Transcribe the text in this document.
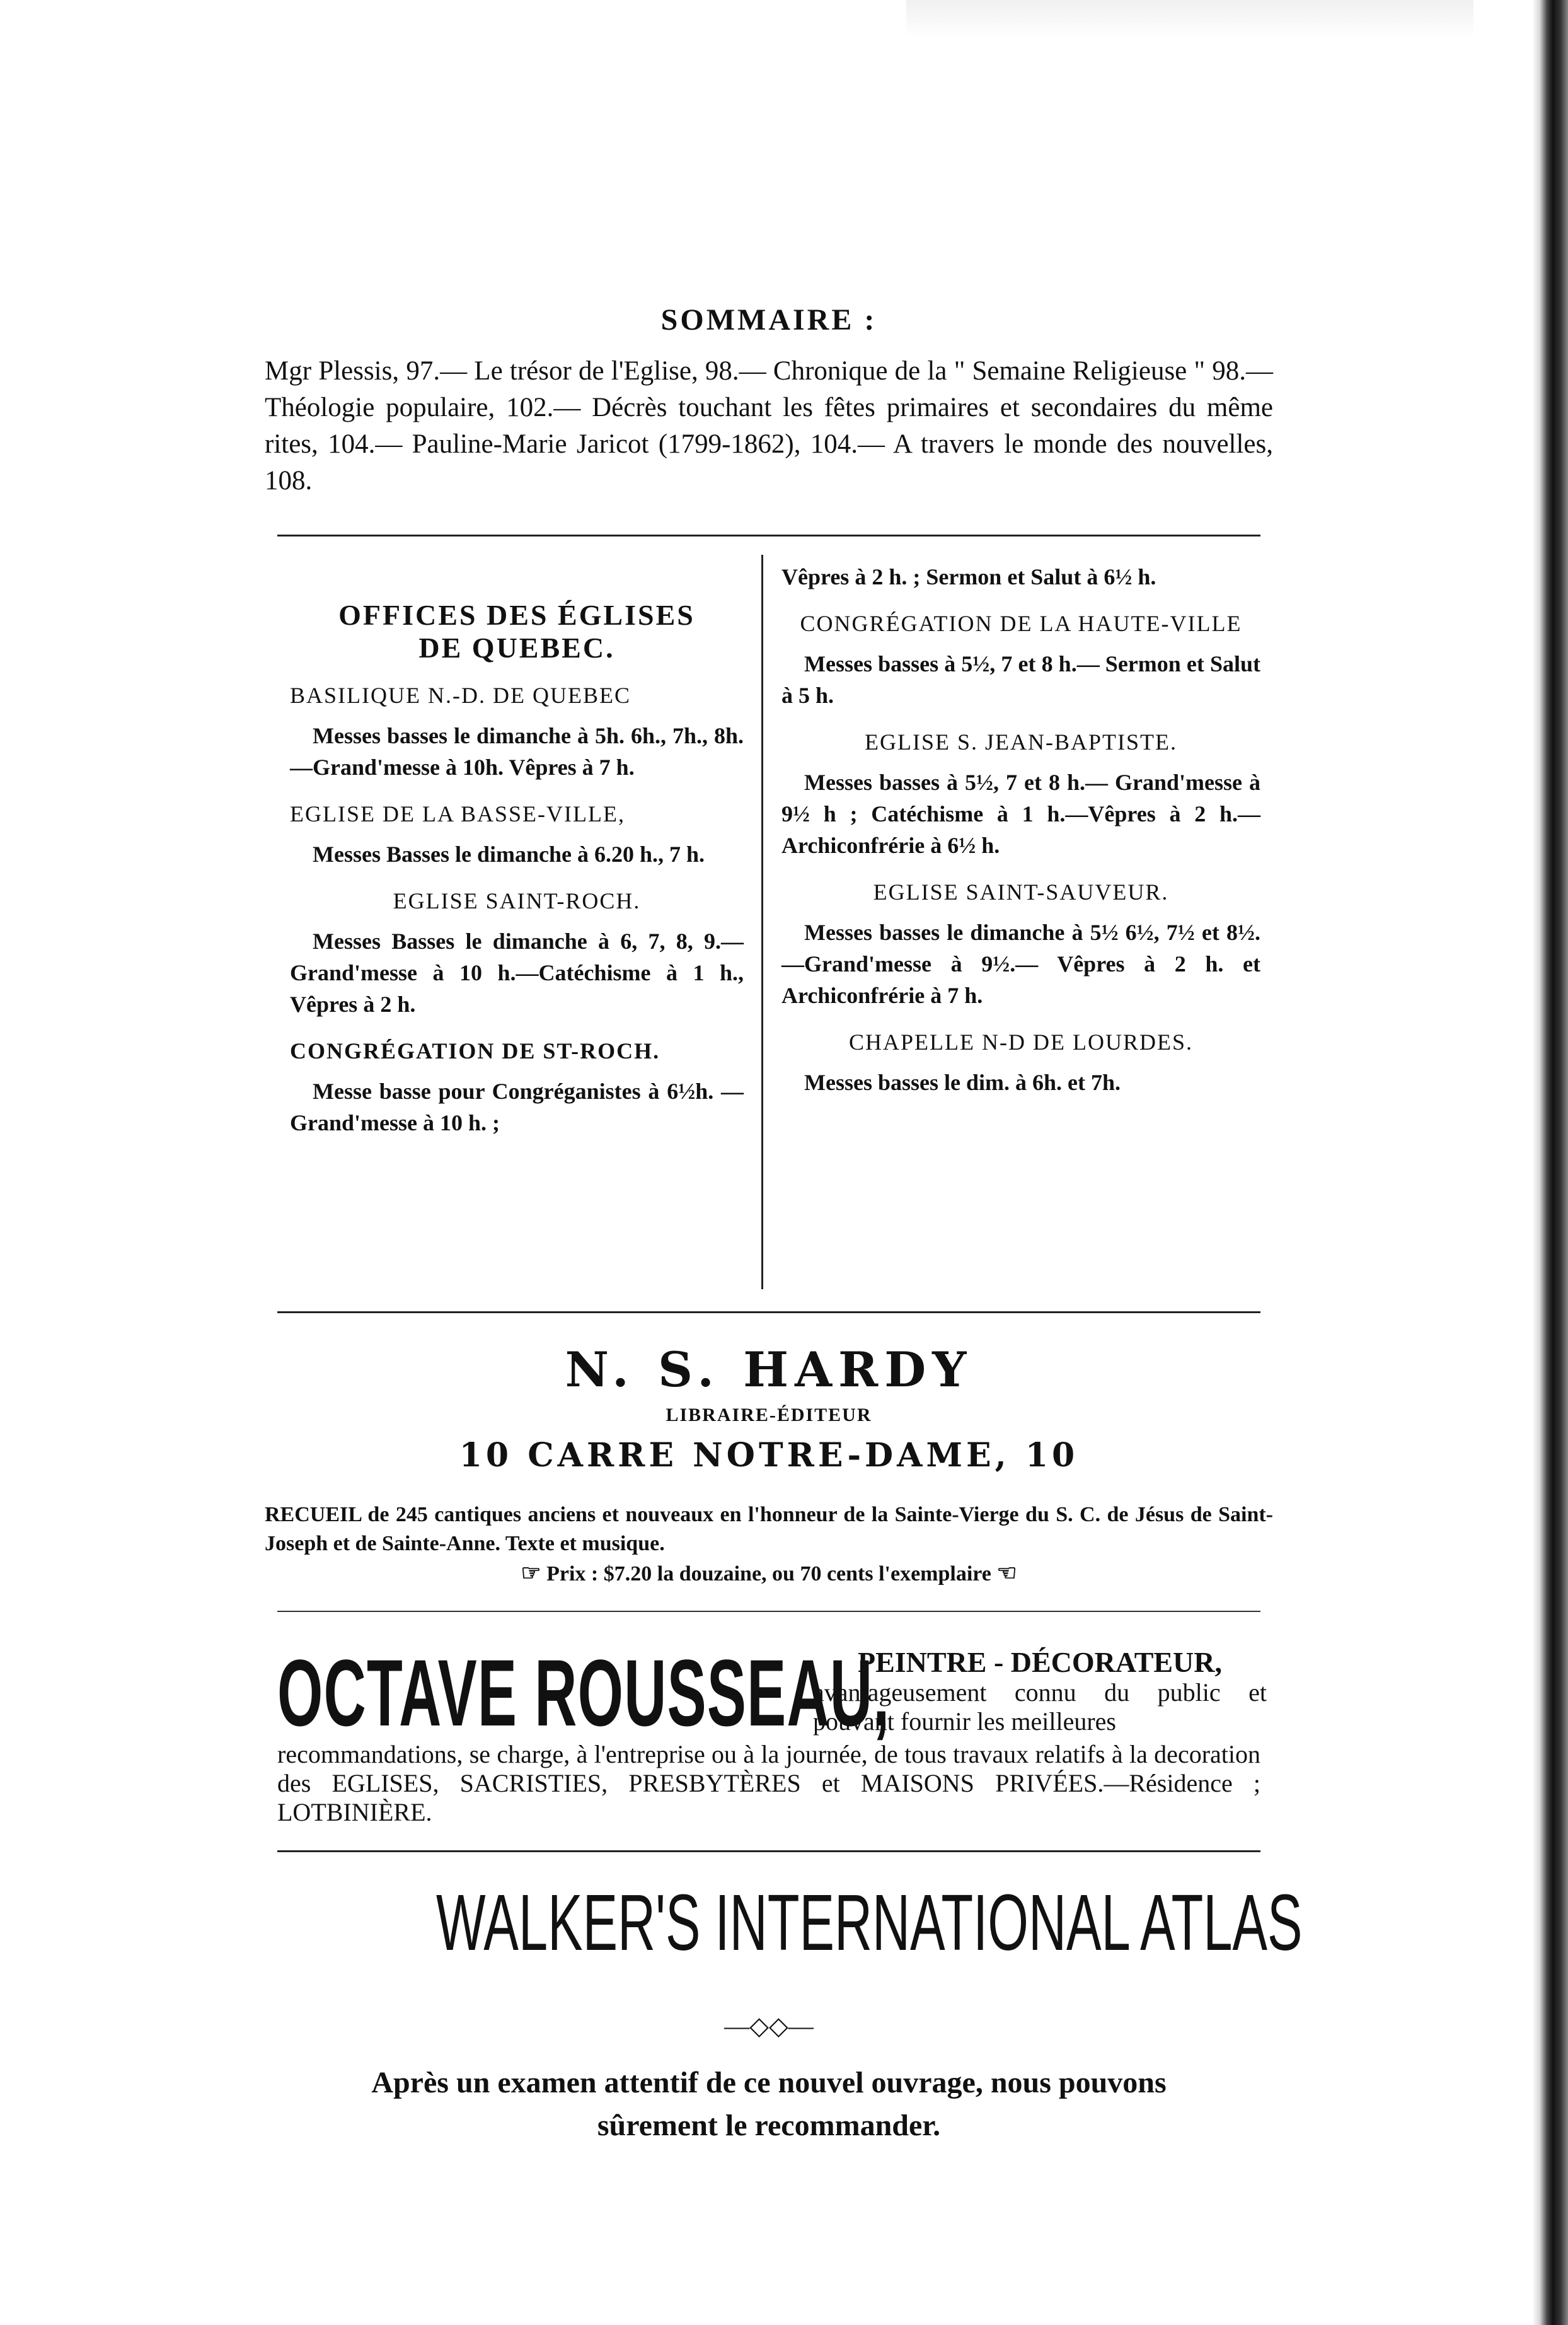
SOMMAIRE :
Mgr Plessis, 97.— Le trésor de l'Eglise, 98.— Chronique de la " Semaine Religieuse " 98.— Théologie populaire, 102.— Décrès touchant les fêtes primaires et secondaires du même rites, 104.— Pauline-Marie Jaricot (1799-1862), 104.— A travers le monde des nouvelles, 108.
OFFICES DES ÉGLISES
DE QUEBEC.
BASILIQUE N.-D. DE QUEBEC
Messes basses le dimanche à 5h. 6h., 7h., 8h.—Grand'messe à 10h. Vêpres à 7 h.
EGLISE DE LA BASSE-VILLE,
Messes Basses le dimanche à 6.20 h., 7 h.
EGLISE SAINT-ROCH.
Messes Basses le dimanche à 6, 7, 8, 9.—Grand'messe à 10 h.—Catéchisme à 1 h., Vêpres à 2 h.
CONGRÉGATION DE ST-ROCH.
Messe basse pour Congréganistes à 6½h. — Grand'messe à 10 h. ;
Vêpres à 2 h. ; Sermon et Salut à 6½ h.
CONGRÉGATION DE LA HAUTE-VILLE
Messes basses à 5½, 7 et 8 h.— Sermon et Salut à 5 h.
EGLISE S. JEAN-BAPTISTE.
Messes basses à 5½, 7 et 8 h.— Grand'messe à 9½ h ; Catéchisme à 1 h.—Vêpres à 2 h.— Archiconfrérie à 6½ h.
EGLISE SAINT-SAUVEUR.
Messes basses le dimanche à 5½ 6½, 7½ et 8½.—Grand'messe à 9½.— Vêpres à 2 h. et Archiconfrérie à 7 h.
CHAPELLE N-D DE LOURDES.
Messes basses le dim. à 6h. et 7h.
N. S. HARDY
LIBRAIRE-ÉDITEUR
10 CARRE NOTRE-DAME, 10
RECUEIL de 245 cantiques anciens et nouveaux en l'honneur de la Sainte-Vierge du S. C. de Jésus de Saint-Joseph et de Sainte-Anne. Texte et musique.
☞ Prix : $7.20 la douzaine, ou 70 cents l'exemplaire ☜
OCTAVE ROUSSEAU,
PEINTRE - DÉCORATEUR,
avantageusement connu du public et pouvant fournir les meilleures
recommandations, se charge, à l'entreprise ou à la journée, de tous travaux relatifs à la decoration des EGLISES, SACRISTIES, PRESBYTÈRES et MAISONS PRIVÉES.—Résidence ; LOTBINIÈRE.
WALKER'S INTERNATIONAL ATLAS
—◇◇—
Après un examen attentif de ce nouvel ouvrage, nous pouvons sûrement le recommander.
